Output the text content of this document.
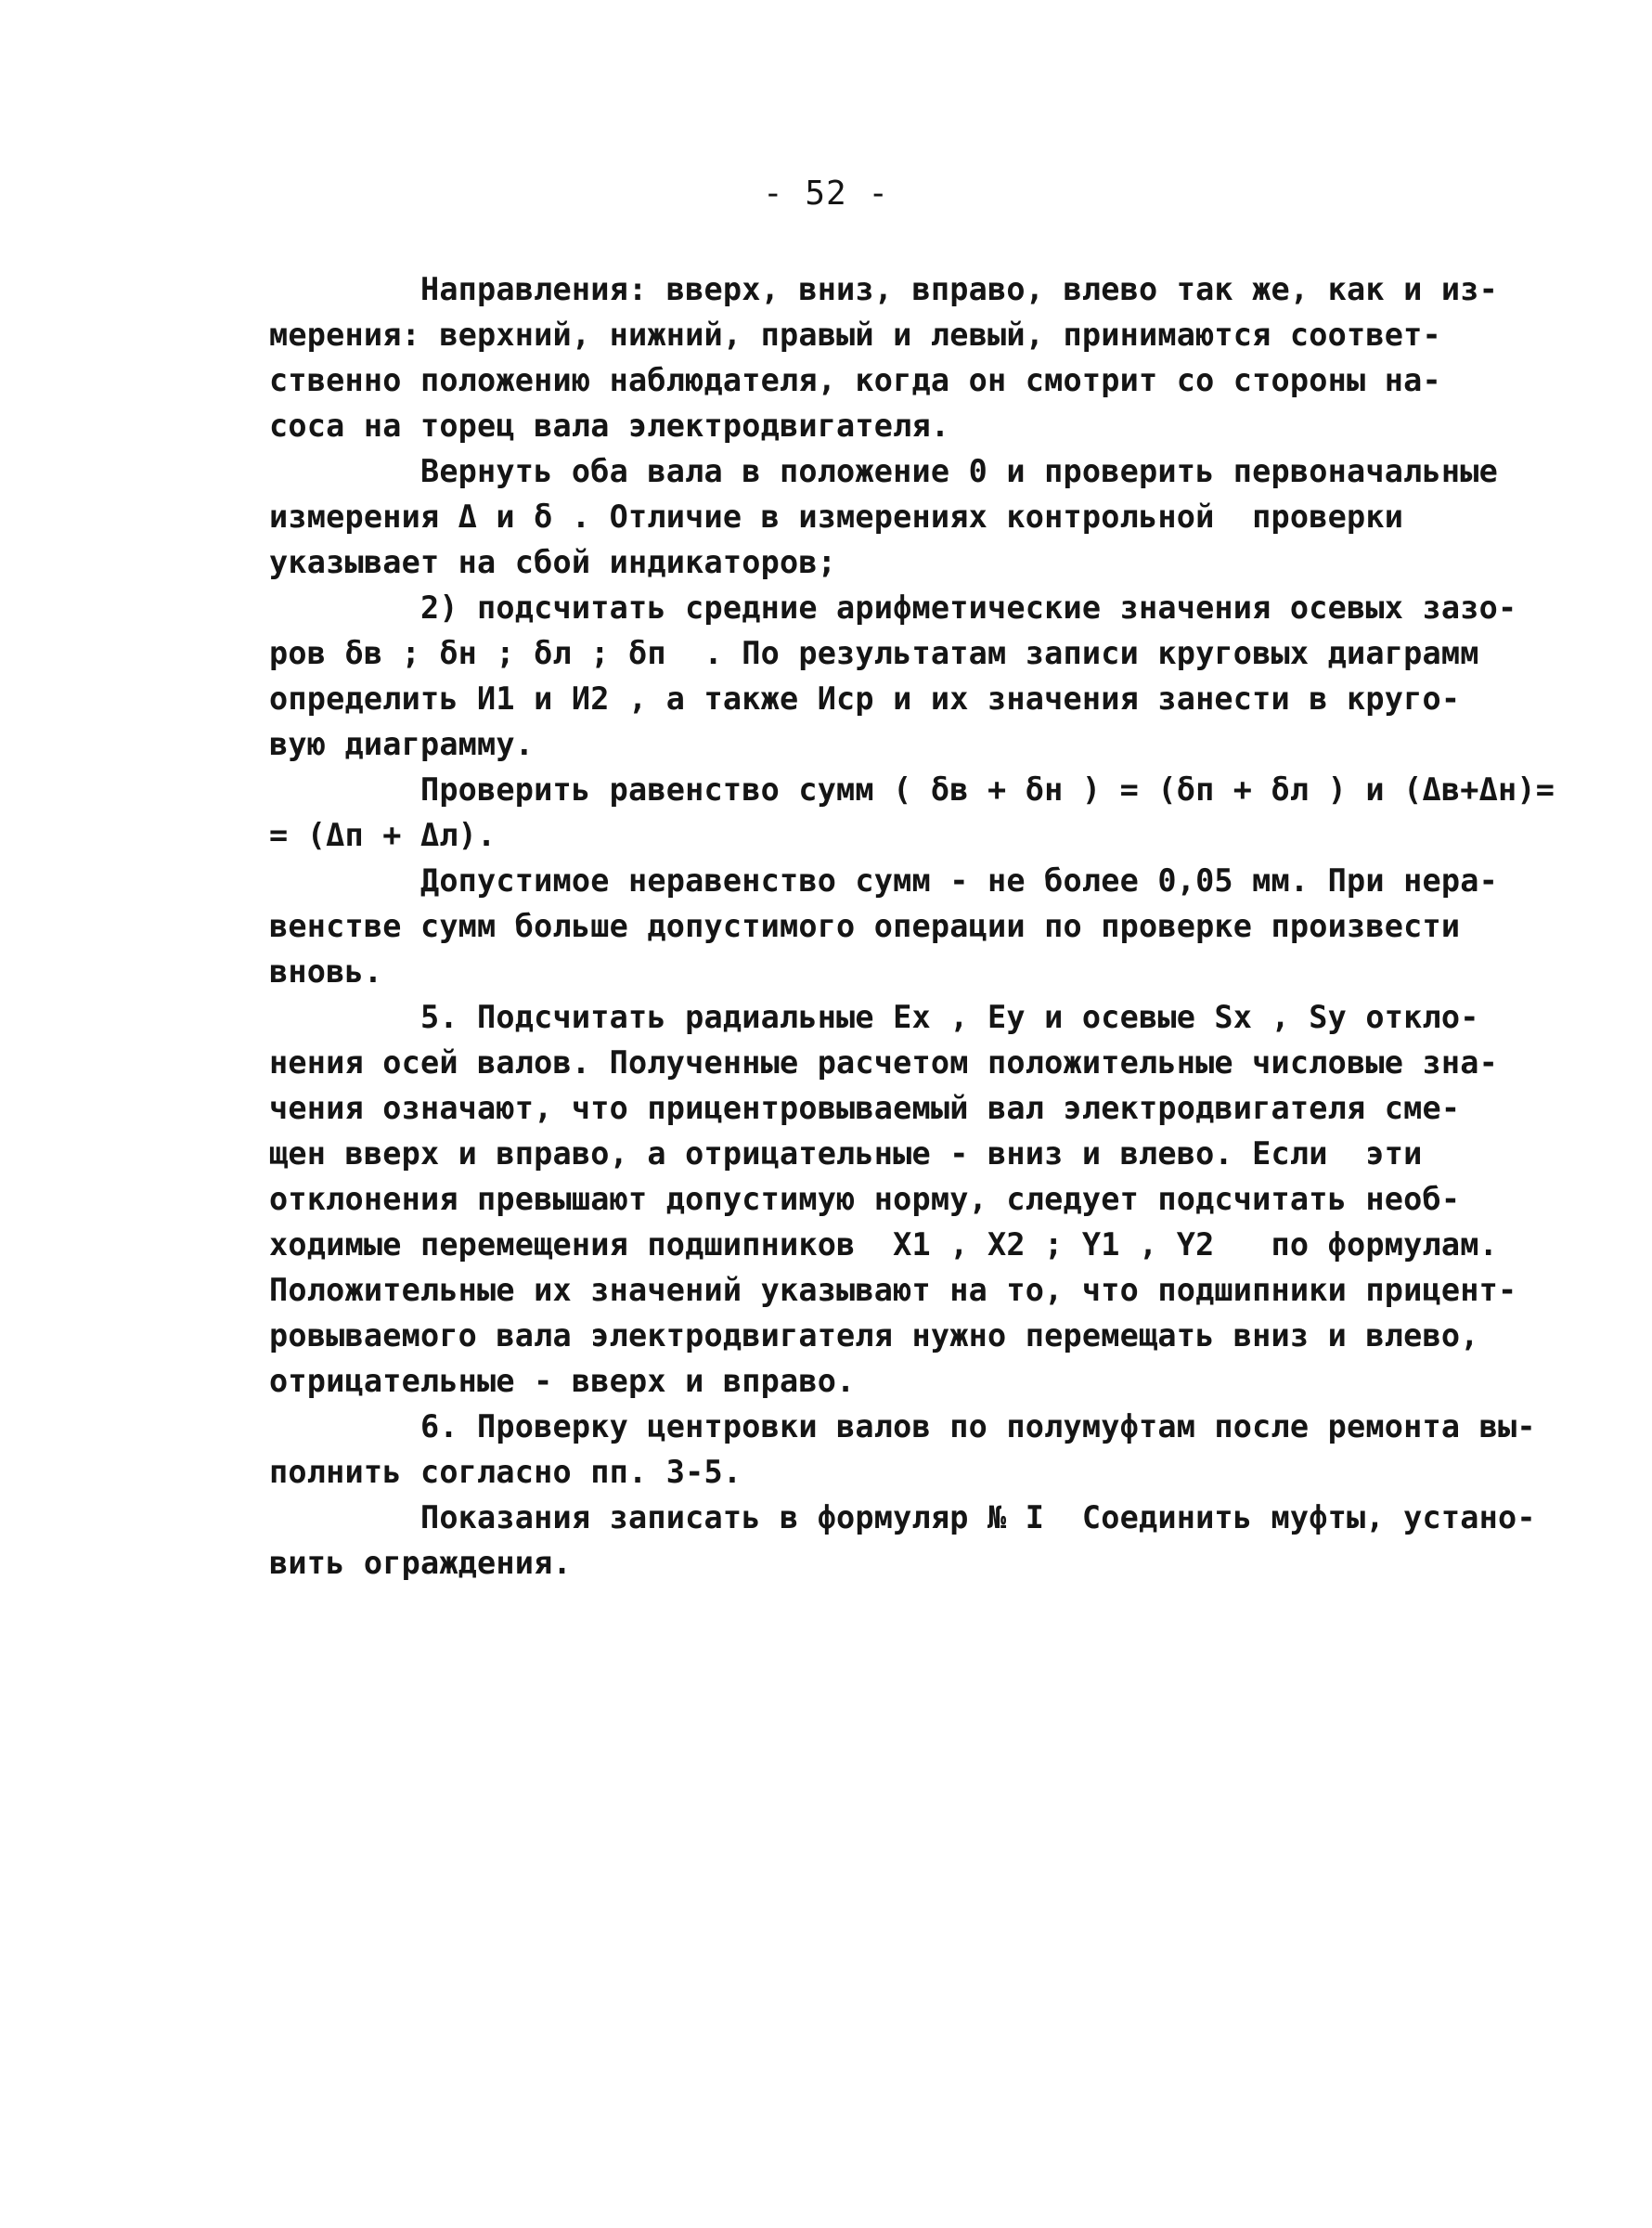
- 52 -
Направления: вверх, вниз, вправо, влево так же, как и из-
мерения: верхний, нижний, правый и левый, принимаются соответ-
ственно положению наблюдателя, когда он смотрит со стороны на-
соса на торец вала электродвигателя.
Вернуть оба вала в положение 0 и проверить первоначальные
измерения Δ и δ . Отличие в измерениях контрольной  проверки
указывает на сбой индикаторов;
2) подсчитать средние арифметические значения осевых зазо-
ров δв ; δн ; δл ; δп  . По результатам записи круговых диаграмм
определить И1 и И2 , а также Иср и их значения занести в круго-
вую диаграмму.
Проверить равенство сумм ( δв + δн ) = (δп + δл ) и (Δв+Δн)=
= (Δп + Δл).
Допустимое неравенство сумм - не более 0,05 мм. При нера-
венстве сумм больше допустимого операции по проверке произвести
вновь.
5. Подсчитать радиальные Ex , Ey и осевые Sx , Sy откло-
нения осей валов. Полученные расчетом положительные числовые зна-
чения означают, что прицентровываемый вал электродвигателя сме-
щен вверх и вправо, а отрицательные - вниз и влево. Если  эти
отклонения превышают допустимую норму, следует подсчитать необ-
ходимые перемещения подшипников  X1 , X2 ; Y1 , Y2   по формулам.
Положительные их значений указывают на то, что подшипники прицент-
ровываемого вала электродвигателя нужно перемещать вниз и влево,
отрицательные - вверх и вправо.
6. Проверку центровки валов по полумуфтам после ремонта вы-
полнить согласно пп. 3-5.
Показания записать в формуляр № I  Соединить муфты, устано-
вить ограждения.
